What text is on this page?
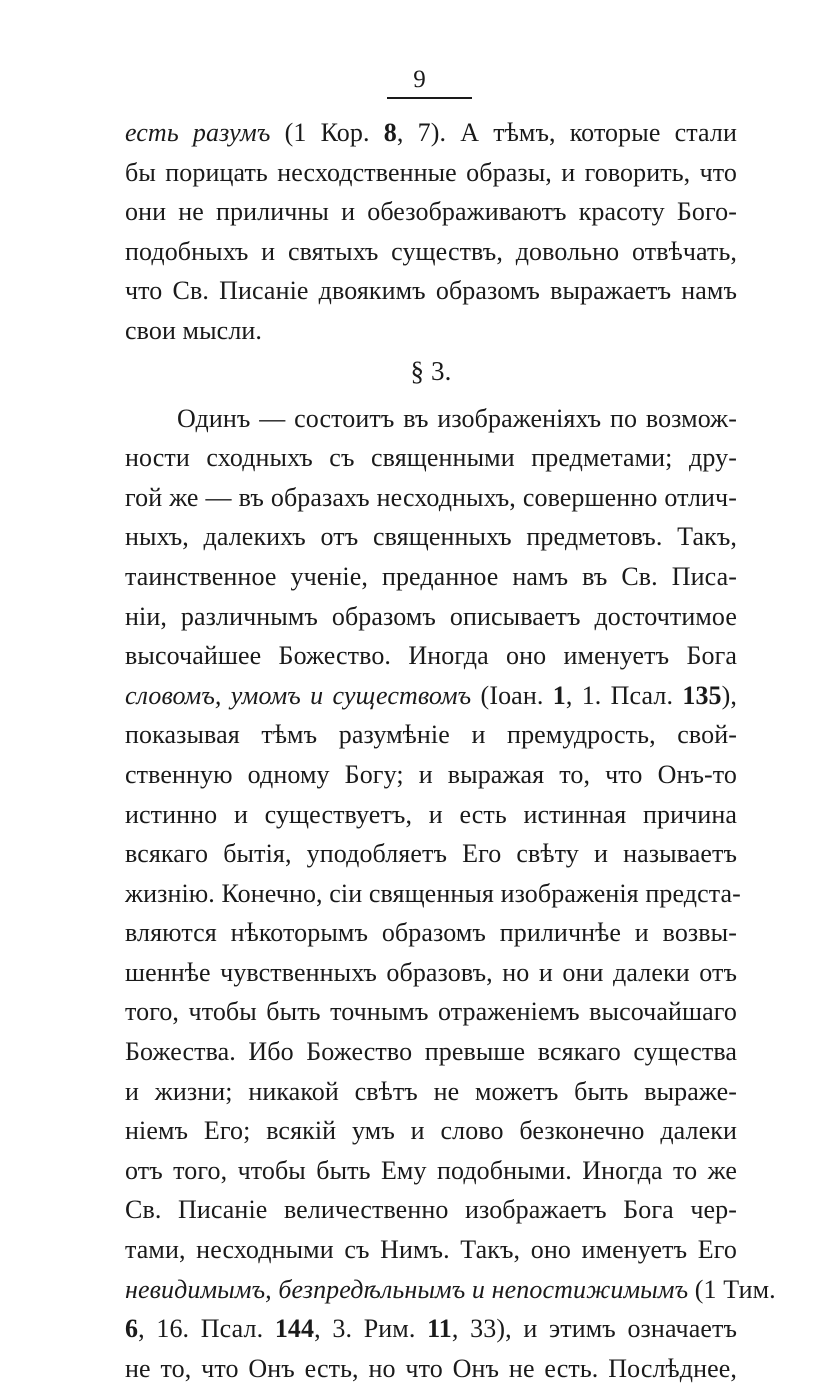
9
есть разумъ (1 Кор. 8, 7). А тѣмъ, которые стали
бы порицать несходственные образы, и говорить, что
они не приличны и обезображиваютъ красоту Бого-
подобныхъ и святыхъ существъ, довольно отвѣчать,
что Св. Писаніе двоякимъ образомъ выражаетъ намъ
свои мысли.
§ 3.
Одинъ — состоитъ въ изображеніяхъ по возмож-
ности сходныхъ съ священными предметами; дру-
гой же — въ образахъ несходныхъ, совершенно отлич-
ныхъ, далекихъ отъ священныхъ предметовъ. Такъ,
таинственное ученіе, преданное намъ въ Св. Писа-
ніи, различнымъ образомъ описываетъ досточтимое
высочайшее Божество. Иногда оно именуетъ Бога
словомъ, умомъ и существомъ (Іоан. 1, 1. Псал. 135),
показывая тѣмъ разумѣніе и премудрость, свой-
ственную одному Богу; и выражая то, что Онъ-то
истинно и существуетъ, и есть истинная причина
всякаго бытія, уподобляетъ Его свѣту и называетъ
жизнію. Конечно, сіи священныя изображенія предста-
вляются нѣкоторымъ образомъ приличнѣе и возвы-
шеннѣе чувственныхъ образовъ, но и они далеки отъ
того, чтобы быть точнымъ отраженіемъ высочайшаго
Божества. Ибо Божество превыше всякаго существа
и жизни; никакой свѣтъ не можетъ быть выраже-
ніемъ Его; всякій умъ и слово безконечно далеки
отъ того, чтобы быть Ему подобными. Иногда то же
Св. Писаніе величественно изображаетъ Бога чер-
тами, несходными съ Нимъ. Такъ, оно именуетъ Его
невидимымъ, безпредѣльнымъ и непостижимымъ (1 Тим.
6, 16. Псал. 144, 3. Рим. 11, 33), и этимъ означаетъ
не то, что Онъ есть, но что Онъ не есть. Послѣднее,
